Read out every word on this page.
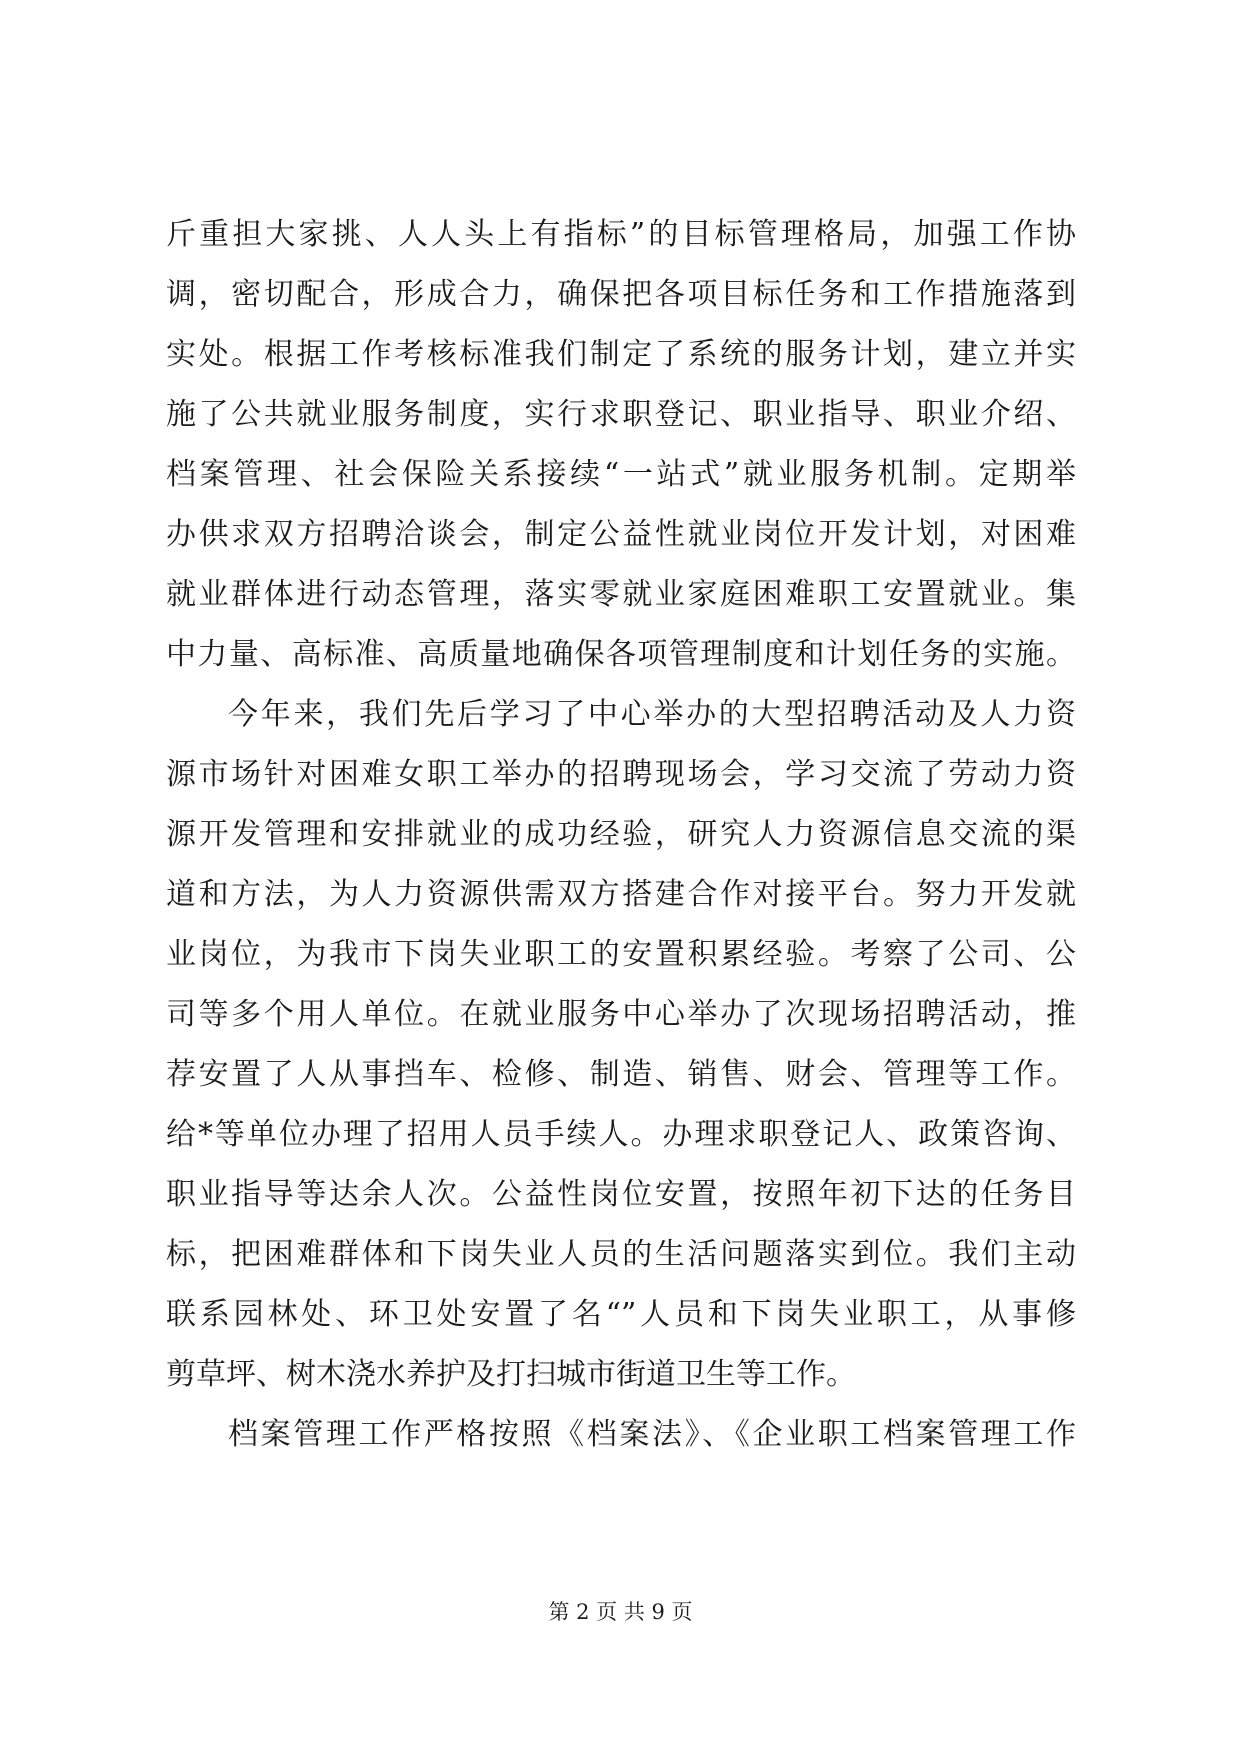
斤重担大家挑、人人头上有指标”的目标管理格局，加强工作协

调，密切配合，形成合力，确保把各项目标任务和工作措施落到

实处。根据工作考核标准我们制定了系统的服务计划，建立并实

施了公共就业服务制度，实行求职登记、职业指导、职业介绍、

档案管理、社会保险关系接续“一站式”就业服务机制。定期举

办供求双方招聘洽谈会，制定公益性就业岗位开发计划，对困难

就业群体进行动态管理，落实零就业家庭困难职工安置就业。集

中力量、高标准、高质量地确保各项管理制度和计划任务的实施。

今年来，我们先后学习了中心举办的大型招聘活动及人力资

源市场针对困难女职工举办的招聘现场会，学习交流了劳动力资

源开发管理和安排就业的成功经验，研究人力资源信息交流的渠

道和方法，为人力资源供需双方搭建合作对接平台。努力开发就

业岗位，为我市下岗失业职工的安置积累经验。考察了公司、公

司等多个用人单位。在就业服务中心举办了次现场招聘活动，推

荐安置了人从事挡车、检修、制造、销售、财会、管理等工作。

给*等单位办理了招用人员手续人。办理求职登记人、政策咨询、

职业指导等达余人次。公益性岗位安置，按照年初下达的任务目

标，把困难群体和下岗失业人员的生活问题落实到位。我们主动

联系园林处、环卫处安置了名“”人员和下岗失业职工，从事修

剪草坪、树木浇水养护及打扫城市街道卫生等工作。

档案管理工作严格按照《档案法》、《企业职工档案管理工作

第 2 页 共 9 页
